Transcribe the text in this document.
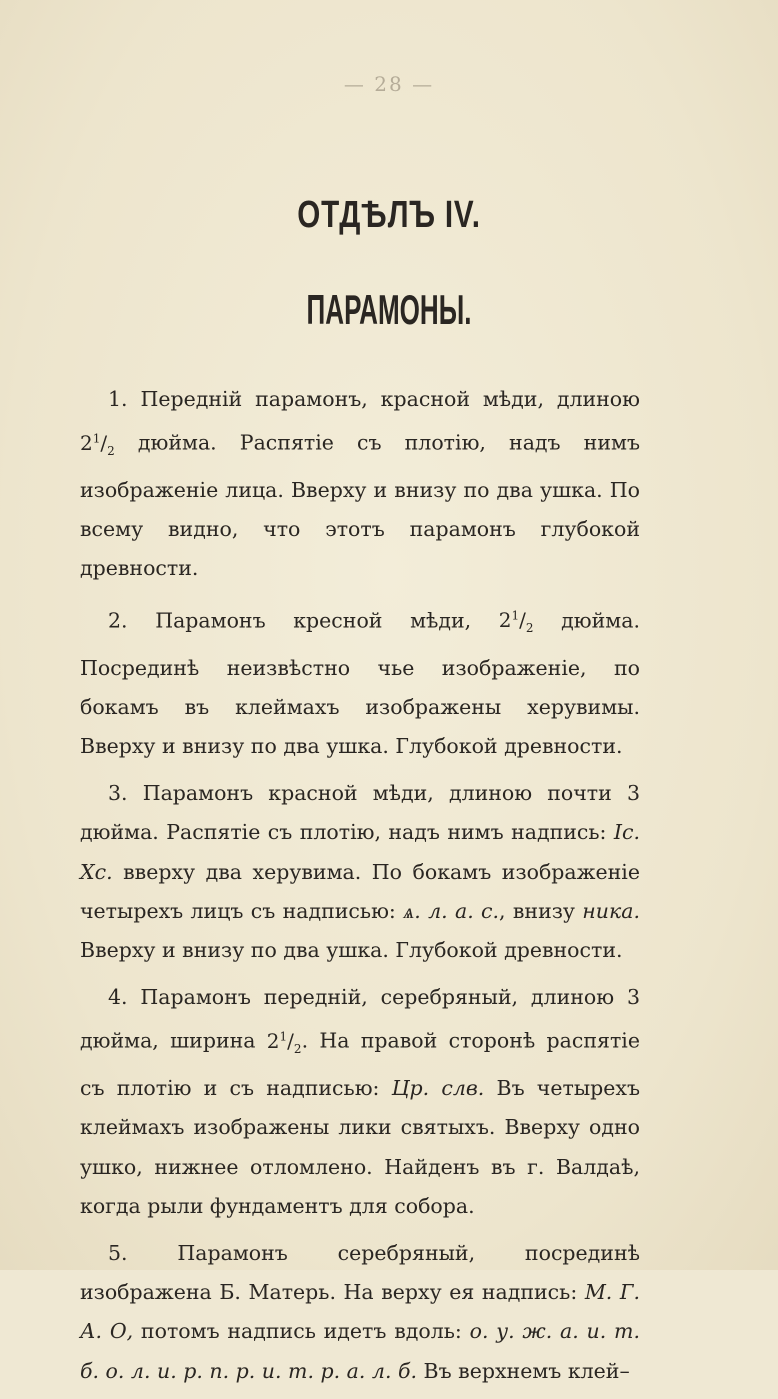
— 28 —
ОТДѢЛЪ IV.
ПАРАМОНЫ.

1. Переднiй парамонъ, красной мѣди, длиною $2^1/_2$ дюйма. Распятiе съ плотiю, надъ нимъ изображенiе лица. Вверху и внизу по два ушка. По всему видно, что этотъ парамонъ глубокой древности.

2. Парамонъ кресной мѣди, $2^1/_2$ дюйма. Посрединѣ неизвѣстно чье изображенiе, по бокамъ въ клеймахъ изображены херувимы. Вверху и внизу по два ушка. Глубокой древности.

3. Парамонъ красной мѣди, длиною почти 3 дюйма. Распятiе съ плотiю, надъ нимъ надпись: Iс. Хс. вверху два херувима. По бокамъ изображенiе четырехъ лицъ съ надписью: ѧ. л. а. с., внизу ника. Вверху и внизу по два ушка. Глубокой древности.

4. Парамонъ переднiй, серебряный, длиною 3 дюйма, ширина $2^1/_2$. На правой сторонѣ распятiе съ плотiю и съ надписью: Цр. слв. Въ четырехъ клеймахъ изображены лики святыхъ. Вверху одно ушко, нижнее отломлено. Найденъ въ г. Валдаѣ, когда рыли фундаментъ для собора.

5. Парамонъ серебряный, посрединѣ изображена Б. Матерь. На верху ея надпись: М. Г. А. О, потомъ надпись идетъ вдоль: о. у. ж. а. и. т. б. о. л. и. р. п. р. и. т. р. а. л. б. Въ верхнемъ клей–
